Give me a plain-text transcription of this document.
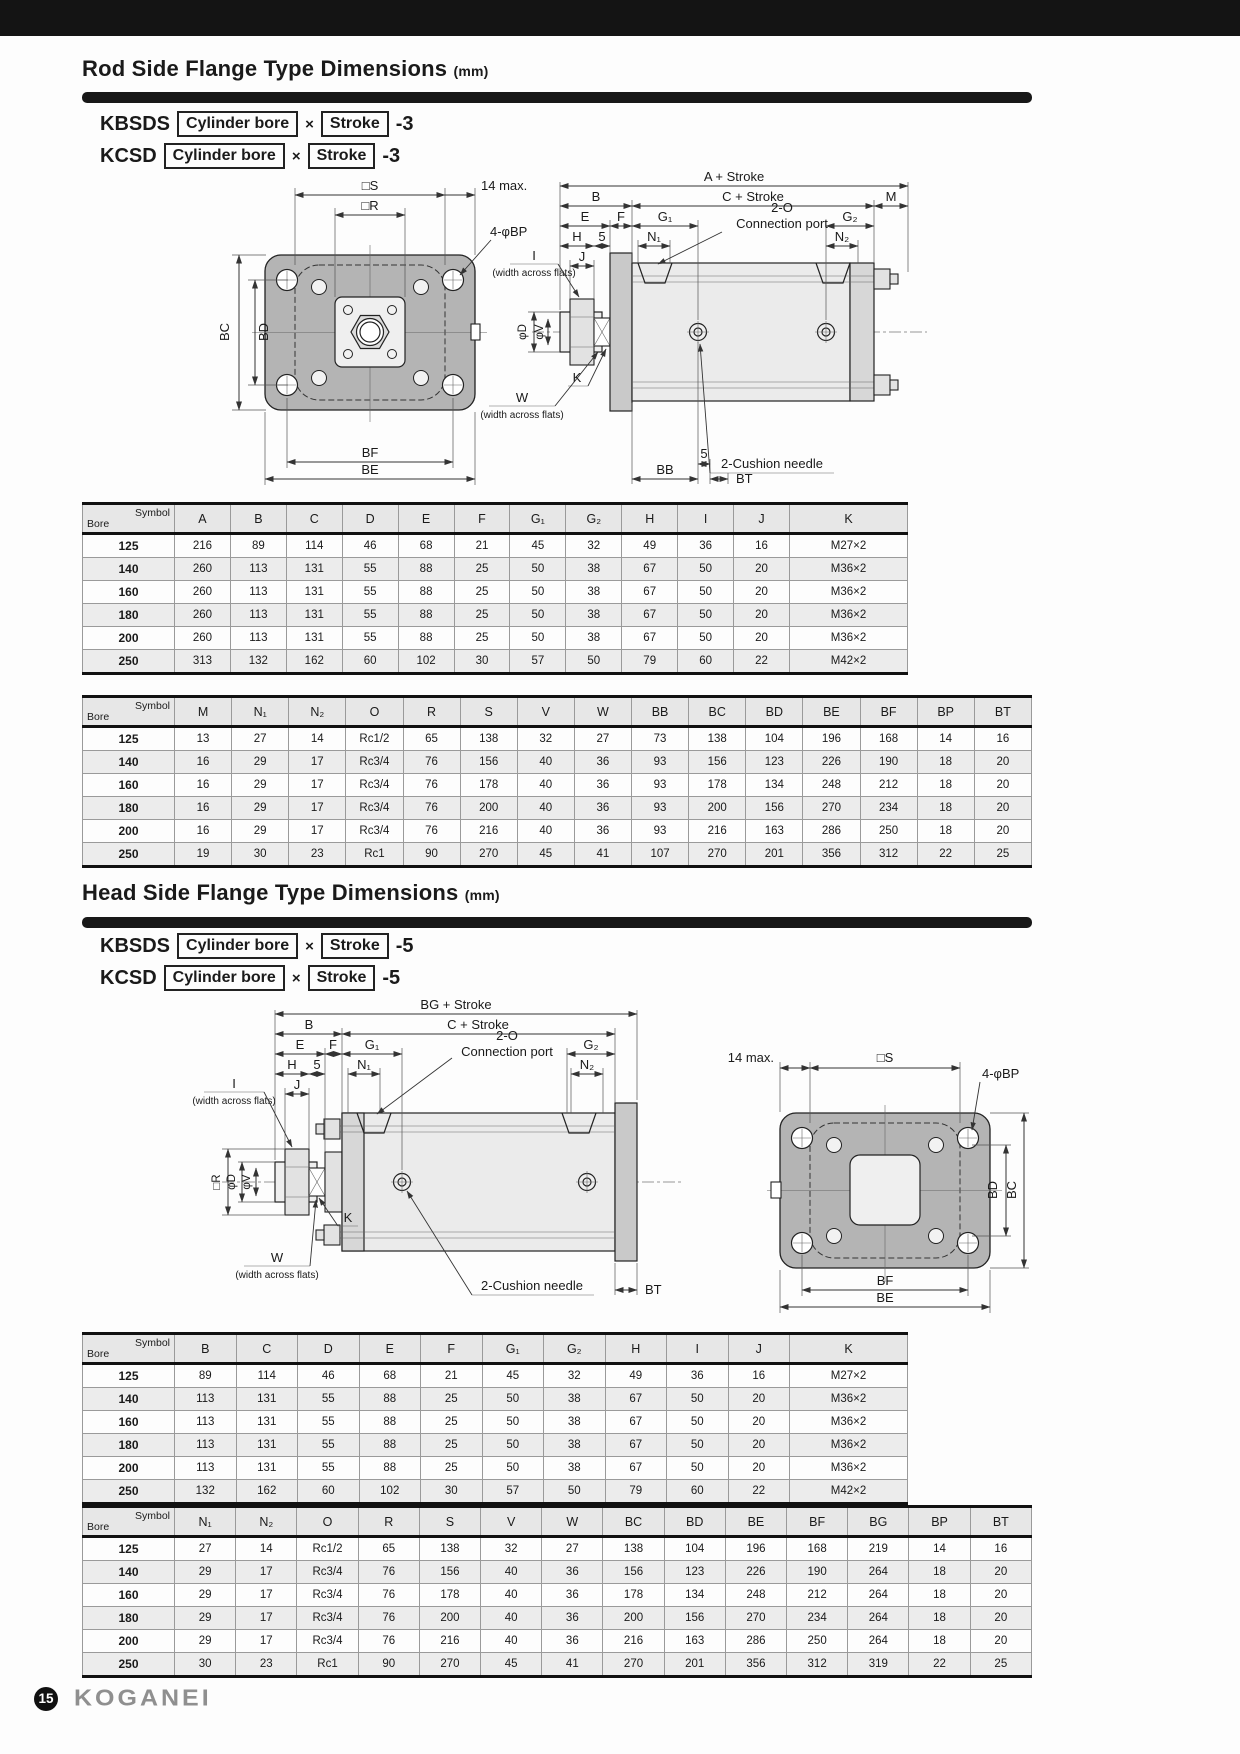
Rod Side Flange Type Dimensions (mm)
KBSDS	Cylinder bore	×	Stroke -3
KCSD	Cylinder bore	×	Stroke -3
□S
□R
14 max.
4-φBP
BC BD
BF
BE
A + Stroke
B	C + Stroke	M
E F	G₁	G₂
H 5	N₁	N₂
J
2-O
Connection port
I
(width across flats)
φD φV
K
W
(width across flats)
5
BB
BT
2-Cushion needle
Symbol
Bore	A	B	C	D	E	F	G₁	G₂	H	I	J	K
125	216	89	114	46	68	21	45	32	49	36	16	M27×2
140	260	113	131	55	88	25	50	38	67	50	20	M36×2
160	260	113	131	55	88	25	50	38	67	50	20	M36×2
180	260	113	131	55	88	25	50	38	67	50	20	M36×2
200	260	113	131	55	88	25	50	38	67	50	20	M36×2
250	313	132	162	60	102	30	57	50	79	60	22	M42×2
Symbol
Bore	M	N₁	N₂	O	R	S	V	W	BB	BC	BD	BE	BF	BP	BT
125	13	27	14	Rc1/2	65	138	32	27	73	138	104	196	168	14	16
140	16	29	17	Rc3/4	76	156	40	36	93	156	123	226	190	18	20
160	16	29	17	Rc3/4	76	178	40	36	93	178	134	248	212	18	20
180	16	29	17	Rc3/4	76	200	40	36	93	200	156	270	234	18	20
200	16	29	17	Rc3/4	76	216	40	36	93	216	163	286	250	18	20
250	19	30	23	Rc1	90	270	45	41	107	270	201	356	312	22	25
Head Side Flange Type Dimensions (mm)
KBSDS	Cylinder bore	×	Stroke -5
KCSD	Cylinder bore	×	Stroke -5
BG + Stroke
B	C + Stroke
E F G₁	G₂
H 5	N₁	N₂
J
2-O
Connection port
I
(width across flats)
□R φD φV
K
W
(width across flats)
2-Cushion needle	BT
14 max.	□S
4-φBP
BD BC
BF
BE
Symbol
Bore	B	C	D	E	F	G₁	G₂	H	I	J	K
125	89	114	46	68	21	45	32	49	36	16	M27×2
140	113	131	55	88	25	50	38	67	50	20	M36×2
160	113	131	55	88	25	50	38	67	50	20	M36×2
180	113	131	55	88	25	50	38	67	50	20	M36×2
200	113	131	55	88	25	50	38	67	50	20	M36×2
250	132	162	60	102	30	57	50	79	60	22	M42×2
Symbol
Bore	N₁	N₂	O	R	S	V	W	BC	BD	BE	BF	BG	BP	BT
125	27	14	Rc1/2	65	138	32	27	138	104	196	168	219	14	16
140	29	17	Rc3/4	76	156	40	36	156	123	226	190	264	18	20
160	29	17	Rc3/4	76	178	40	36	178	134	248	212	264	18	20
180	29	17	Rc3/4	76	200	40	36	200	156	270	234	264	18	20
200	29	17	Rc3/4	76	216	40	36	216	163	286	250	264	18	20
250	30	23	Rc1	90	270	45	41	270	201	356	312	319	22	25
15 KOGANEI
